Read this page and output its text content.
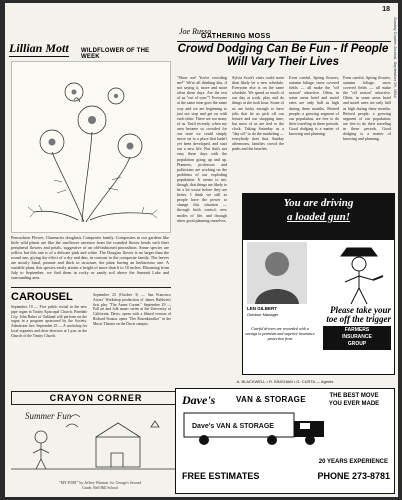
18
Sunday Courier-Journal, September 26, 1964
Lillian Mott	WILDFLOWER OF THE WEEK
Pencushion Flower, Chaenactis douglasii, Composite family. Composites in our gardens like little wild plants are like the sunflower ancestor from the rounded flower heads with their peripheral flowers and petals, suggestive of an old-fashioned pincushion. Some species are yellow but this one is of a delicate pink and white. The Douglas flower is no larger than the round one, giving the effect of a dry and dim, in contrast to the composite family. The leaves are mostly basal, pinnate and thick in structure, the plant having an herbaceous one. A variable plant, this species easily attains a height of more than 6 to 18 inches. Blooming from July to September, we find them in rocky or sandy soil above the Summit Lake and surrounding area.
CAROUSEL
September 19 — Five public recital in the new pipe organ in Trinity Episcopal Church, Pinedale City. John Baker of Oakland will perform on the organ in a program sponsored by the Society. Admission free. September 25 — A workshop for local organists and choir directors at 1 p.m. in the Church of the Trinity Church.
September 23 (October 3) — San Francisco Actors' Workshop production of James Baldwin's first play "The Amen Corner." September 29 — Fall art and folk music series at the University of California, Davis, opens with a filmed version of Richard Strauss opera "Der Rosenkavalier" in the Music Theater on the Davis campus.
CRAYON CORNER
Summer Fun
"MY FORT" by Jeffrey Winston 1st. George's Second Grade, Bell Hill School
Joe Russo
GATHERING MOSS
Crowd Dodging Can Be Fun - If People Will Vary Their Lives
"Show me! You're crowding me!" We're all thinking this, if not saying it, more and more often these days. Are the rest of us "out of sync"? Everyone at the same time goes the same way and we are beginning to just not stop and get on with each other. There are too many of us. Until recently, when my area became so crowded for our taste we could simply move on to a place that hadn't yet been developed, and start out a new life. But that's not easy these days with the population going up and up. Planners, professors and politicians are working on the problems of our exploding population. It seems to me, though, that things are likely to be a lot worse before they are better. I think we still as people have the power to change this situation — through birth control, new modes of life, and through sheer good planning ourselves.
Sylvia Scott's visits could more than likely be a new schedule. Everyone else is on the same schedule. We spend so much of our day at work, play and do things at the rush hour. Some of us are lucky enough to have jobs that let us pick off our leisure and our shopping time, but most of us are tied to the clock. Taking Saturday as a "day off" to do the marketing — everybody does that. Sunday afternoons, families crowd the parks and the beaches.
Even careful, Spring flowers, autumn foliage, snow covered fields — all make the "off season" attractive. Often, in some areas hotel and motel rates are only half as high during these months. Retired people, a growing segment of our population, are free to do their traveling in these periods. Good dodging is a matter of knowing and planning.
Even careful, Spring flowers, autumn foliage, snow covered fields — all make the "off season" attractive. Often, in some areas hotel and motel rates are only half as high during these months. Retired people, a growing segment of our population, are free to do their traveling in these periods. Good dodging is a matter of knowing and planning.
You are driving
a loaded gun!
LEN GILBERT
Outdoor Manager	Please take your
toe off the trigger
Careful drivers are rewarded with a savings in premium and superior insurance protection from
FARMERS
INSURANCE
GROUP
A. BLACKWELL • R. BINGHAM • G. CURTA — Agents
Dave's	VAN & STORAGE	THE BEST MOVE
YOU EVER MADE
Dave's VAN & STORAGE
FREE ESTIMATES
20 YEARS EXPERIENCE
PHONE 273-8781
